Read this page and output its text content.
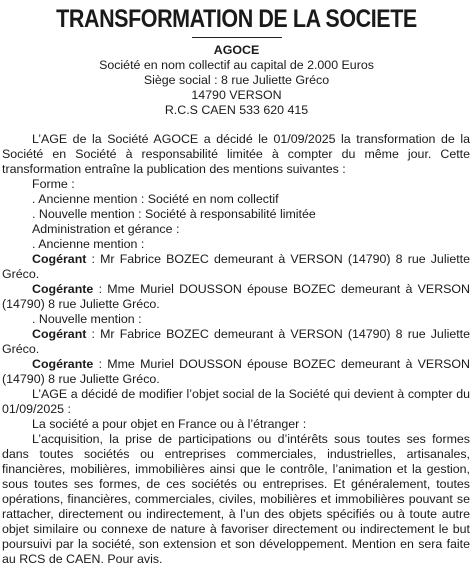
TRANSFORMATION DE LA SOCIETE
AGOCE
Société en nom collectif au capital de 2.000 Euros
Siège social : 8 rue Juliette Gréco
14790 VERSON
R.C.S CAEN 533 620 415

L’AGE de la Société AGOCE a décidé le 01/09/2025 la transformation de la Société en Société à responsabilité limitée à compter du même jour. Cette transformation entraîne la publication des mentions suivantes :

Forme :

. Ancienne mention : Société en nom collectif

. Nouvelle mention : Société à responsabilité limitée

Administration et gérance :

. Ancienne mention :

Cogérant : Mr Fabrice BOZEC demeurant à VERSON (14790) 8 rue Juliette Gréco.

Cogérante : Mme Muriel DOUSSON épouse BOZEC demeurant à VERSON (14790) 8 rue Juliette Gréco.

. Nouvelle mention :

Cogérant : Mr Fabrice BOZEC demeurant à VERSON (14790) 8 rue Juliette Gréco.

Cogérante : Mme Muriel DOUSSON épouse BOZEC demeurant à VERSON (14790) 8 rue Juliette Gréco.

L’AGE a décidé de modifier l’objet social de la Société qui devient à compter du 01/09/2025 :

La société a pour objet en France ou à l’étranger :

L’acquisition, la prise de participations ou d’intérêts sous toutes ses formes dans toutes sociétés ou entreprises commerciales, industrielles, artisanales, financières, mobilières, immobilières ainsi que le contrôle, l’animation et la gestion, sous toutes ses formes, de ces sociétés ou entreprises. Et généralement, toutes opérations, financières, commerciales, civiles, mobilières et immobilières pouvant se rattacher, directement ou indirectement, à l’un des objets spécifiés ou à toute autre objet similaire ou connexe de nature à favoriser directement ou indirectement le but poursuivi par la société, son extension et son développement. Mention en sera faite au RCS de CAEN. Pour avis.
